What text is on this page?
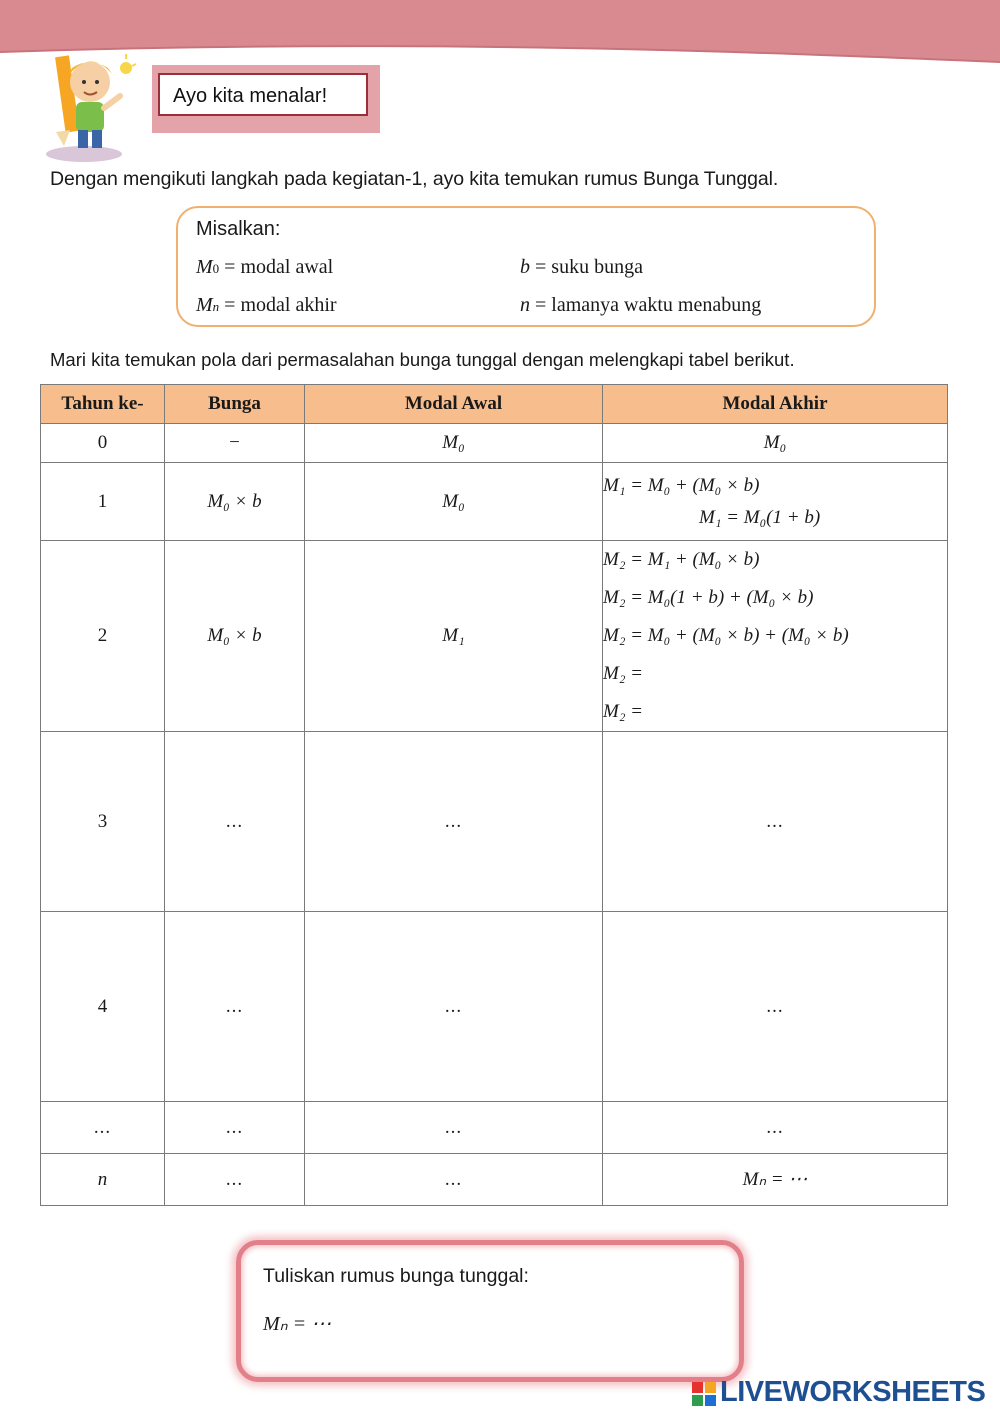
Ayo kita menalar!
Dengan mengikuti langkah pada kegiatan-1, ayo kita temukan rumus Bunga Tunggal.
Misalkan:
M0 = modal awal
Mn = modal akhir
b = suku bunga
n = lamanya waktu menabung
Mari kita temukan pola dari permasalahan bunga tunggal dengan melengkapi tabel berikut.
Tahun ke-	Bunga	Modal Awal	Modal Akhir
0	−	M₀	M₀
1	M₀ × b	M₀	M₁ = M₀ + (M₀ × b)
M₁ = M₀(1 + b)

2	M₀ × b	M₁	M₂ = M₁ + (M₀ × b)
M₂ = M₀(1 + b) + (M₀ × b)
M₂ = M₀ + (M₀ × b) + (M₀ × b)
M₂ =
M₂ =

3	...	...	...
4	...	...	...
...	...	...	...
n	...	...	Mₙ = ⋯
Tuliskan rumus bunga tunggal:
Mₙ = ⋯
LIVEWORKSHEETS
